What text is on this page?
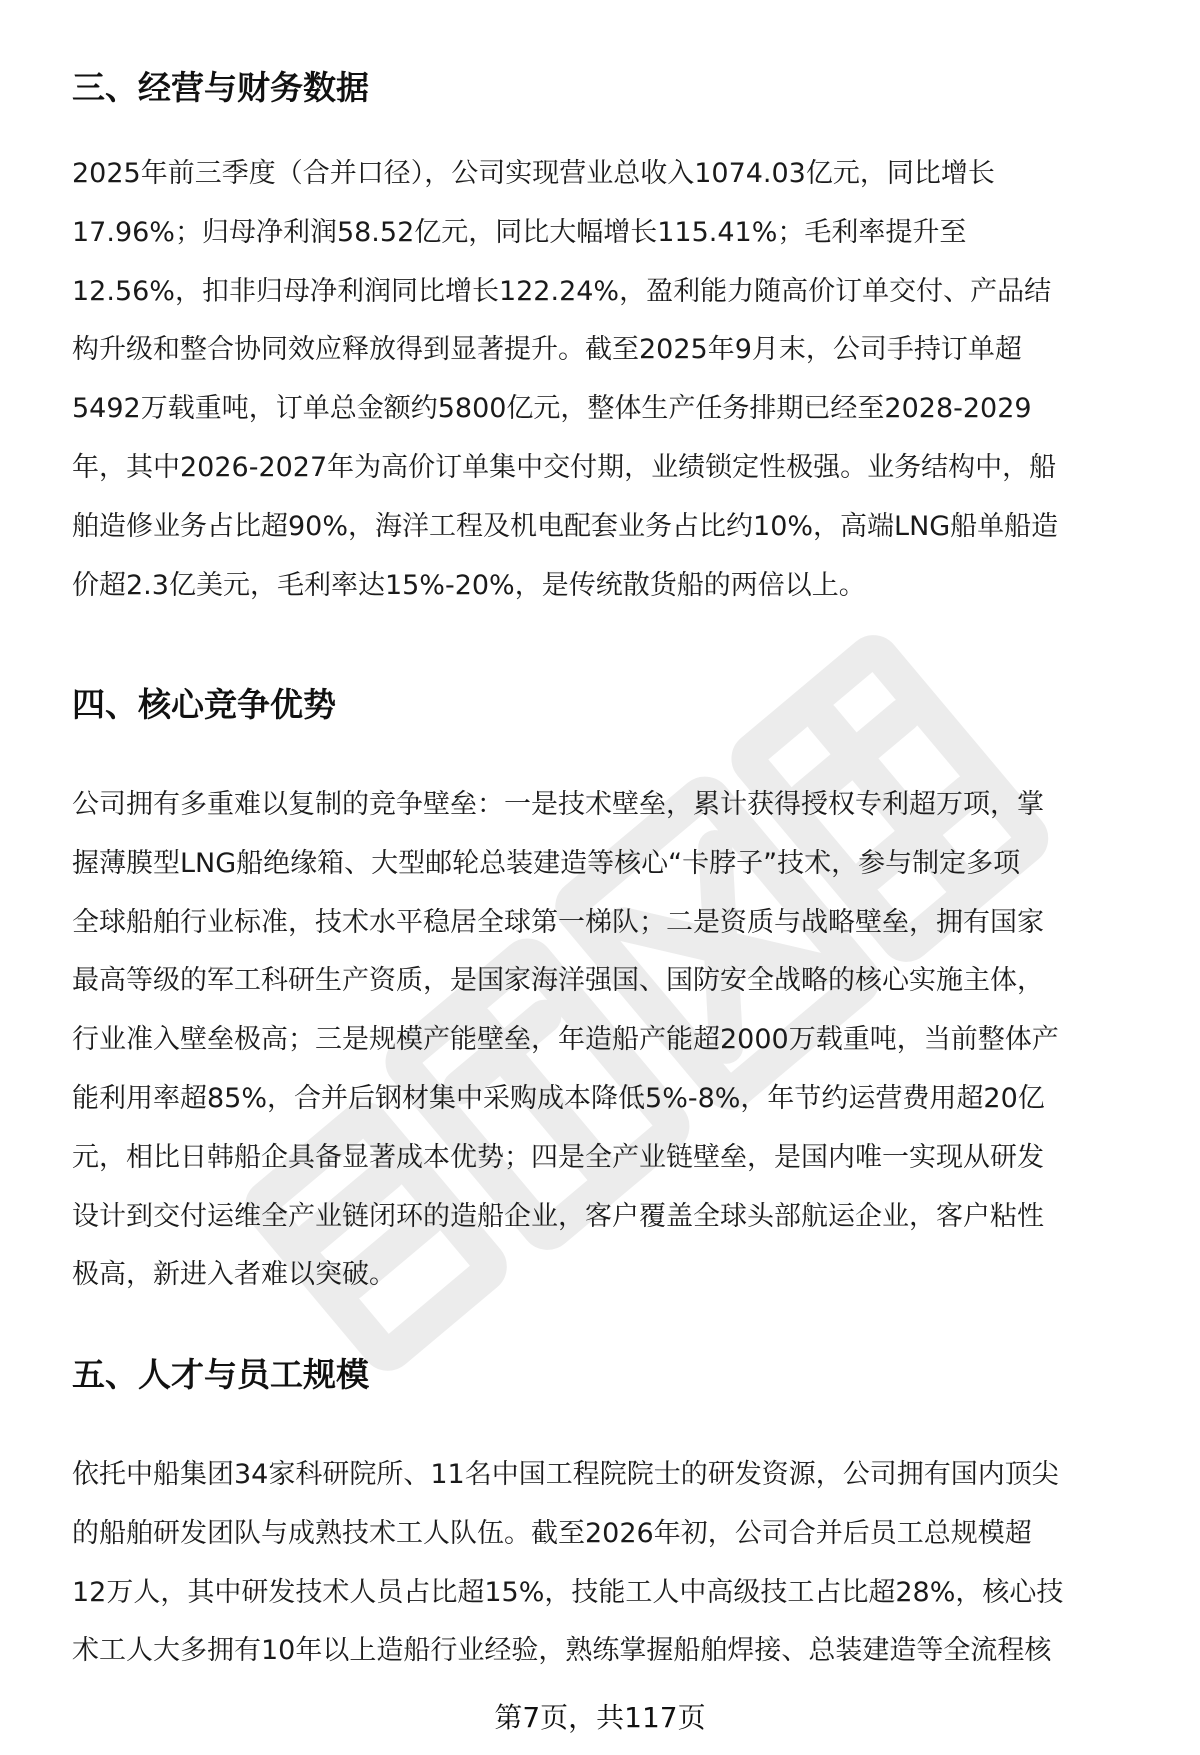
三、经营与财务数据
2025年前三季度（合并口径），公司实现营业总收入1074.03亿元，同比增长
17.96%；归母净利润58.52亿元，同比大幅增长115.41%；毛利率提升至
12.56%，扣非归母净利润同比增长122.24%，盈利能力随高价订单交付、产品结
构升级和整合协同效应释放得到显著提升。截至2025年9月末，公司手持订单超
5492万载重吨，订单总金额约5800亿元，整体生产任务排期已经至2028-2029
年，其中2026-2027年为高价订单集中交付期，业绩锁定性极强。业务结构中，船
舶造修业务占比超90%，海洋工程及机电配套业务占比约10%，高端LNG船单船造
价超2.3亿美元，毛利率达15%-20%，是传统散货船的两倍以上。
四、核心竞争优势
公司拥有多重难以复制的竞争壁垒：一是技术壁垒，累计获得授权专利超万项，掌
握薄膜型LNG船绝缘箱、大型邮轮总装建造等核心“卡脖子”技术，参与制定多项
全球船舶行业标准，技术水平稳居全球第一梯队；二是资质与战略壁垒，拥有国家
最高等级的军工科研生产资质，是国家海洋强国、国防安全战略的核心实施主体，
行业准入壁垒极高；三是规模产能壁垒，年造船产能超2000万载重吨，当前整体产
能利用率超85%，合并后钢材集中采购成本降低5%-8%，年节约运营费用超20亿
元，相比日韩船企具备显著成本优势；四是全产业链壁垒，是国内唯一实现从研发
设计到交付运维全产业链闭环的造船企业，客户覆盖全球头部航运企业，客户粘性
极高，新进入者难以突破。
五、人才与员工规模
依托中船集团34家科研院所、11名中国工程院院士的研发资源，公司拥有国内顶尖
的船舶研发团队与成熟技术工人队伍。截至2026年初，公司合并后员工总规模超
12万人，其中研发技术人员占比超15%，技能工人中高级技工占比超28%，核心技
术工人大多拥有10年以上造船行业经验，熟练掌握船舶焊接、总装建造等全流程核
第7页，共117页
